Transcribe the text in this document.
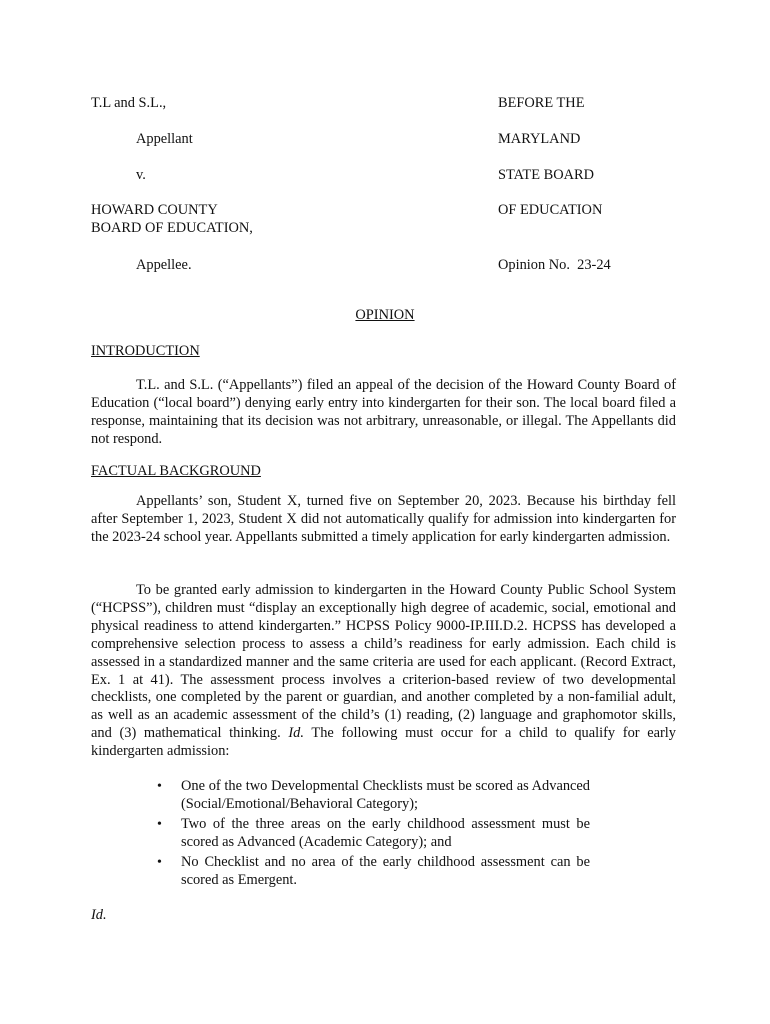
T.L and S.L.,
Appellant
v.
HOWARD COUNTY
BOARD OF EDUCATION,
Appellee.
BEFORE THE
MARYLAND
STATE BOARD
OF EDUCATION
Opinion No.  23-24
OPINION
INTRODUCTION

T.L. and S.L. (“Appellants”) filed an appeal of the decision of the Howard County Board of Education (“local board”) denying early entry into kindergarten for their son. The local board filed a response, maintaining that its decision was not arbitrary, unreasonable, or illegal. The Appellants did not respond.

FACTUAL BACKGROUND

Appellants’ son, Student X, turned five on September 20, 2023. Because his birthday fell after September 1, 2023, Student X did not automatically qualify for admission into kindergarten for the 2023-24 school year. Appellants submitted a timely application for early kindergarten admission.

To be granted early admission to kindergarten in the Howard County Public School System (“HCPSS”), children must “display an exceptionally high degree of academic, social, emotional and physical readiness to attend kindergarten.” HCPSS Policy 9000-IP.III.D.2. HCPSS has developed a comprehensive selection process to assess a child’s readiness for early admission. Each child is assessed in a standardized manner and the same criteria are used for each applicant. (Record Extract, Ex. 1 at 41). The assessment process involves a criterion-based review of two developmental checklists, one completed by the parent or guardian, and another completed by a non-familial adult, as well as an academic assessment of the child’s (1) reading, (2) language and graphomotor skills, and (3) mathematical thinking. Id. The following must occur for a child to qualify for early kindergarten admission:

• One of the two Developmental Checklists must be scored as Advanced (Social/Emotional/Behavioral Category);
• Two of the three areas on the early childhood assessment must be scored as Advanced (Academic Category); and
• No Checklist and no area of the early childhood assessment can be scored as Emergent.
Id.
